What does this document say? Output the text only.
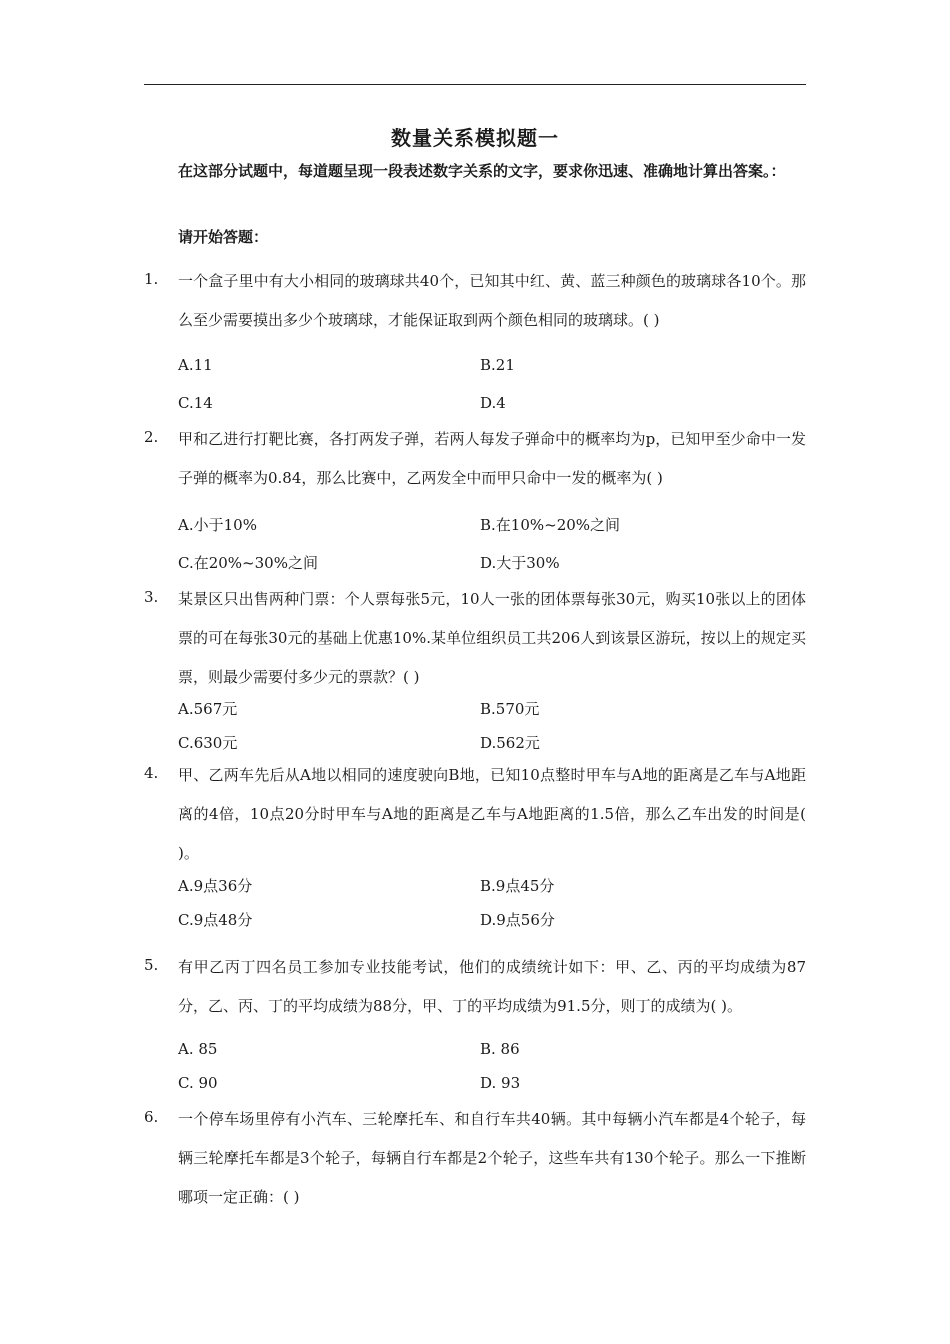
数量关系模拟题一
在这部分试题中，每道题呈现一段表述数字关系的文字，要求你迅速、准确地计算出答案。：
请开始答题：
1. 一个盒子里中有大小相同的玻璃球共40个，已知其中红、黄、蓝三种颜色的玻璃球各10个。那么至少需要摸出多少个玻璃球，才能保证取到两个颜色相同的玻璃球。( )
A.11	B.21
C.14	D.4
2. 甲和乙进行打靶比赛，各打两发子弹，若两人每发子弹命中的概率均为p，已知甲至少命中一发子弹的概率为0.84，那么比赛中，乙两发全中而甲只命中一发的概率为( )
A.小于10%	B.在10%~20%之间
C.在20%~30%之间	D.大于30%
3. 某景区只出售两种门票：个人票每张5元，10人一张的团体票每张30元，购买10张以上的团体票的可在每张30元的基础上优惠10%.某单位组织员工共206人到该景区游玩，按以上的规定买票，则最少需要付多少元的票款？( )
A.567元	B.570元
C.630元	D.562元
4. 甲、乙两车先后从A地以相同的速度驶向B地，已知10点整时甲车与A地的距离是乙车与A地距离的4倍，10点20分时甲车与A地的距离是乙车与A地距离的1.5倍，那么乙车出发的时间是( )。
A.9点36分	B.9点45分
C.9点48分	D.9点56分
5. 有甲乙丙丁四名员工参加专业技能考试，他们的成绩统计如下：甲、乙、丙的平均成绩为87分，乙、丙、丁的平均成绩为88分，甲、丁的平均成绩为91.5分，则丁的成绩为( )。
A. 85	B. 86
C. 90	D. 93
6. 一个停车场里停有小汽车、三轮摩托车、和自行车共40辆。其中每辆小汽车都是4个轮子，每辆三轮摩托车都是3个轮子，每辆自行车都是2个轮子，这些车共有130个轮子。那么一下推断哪项一定正确：( )
